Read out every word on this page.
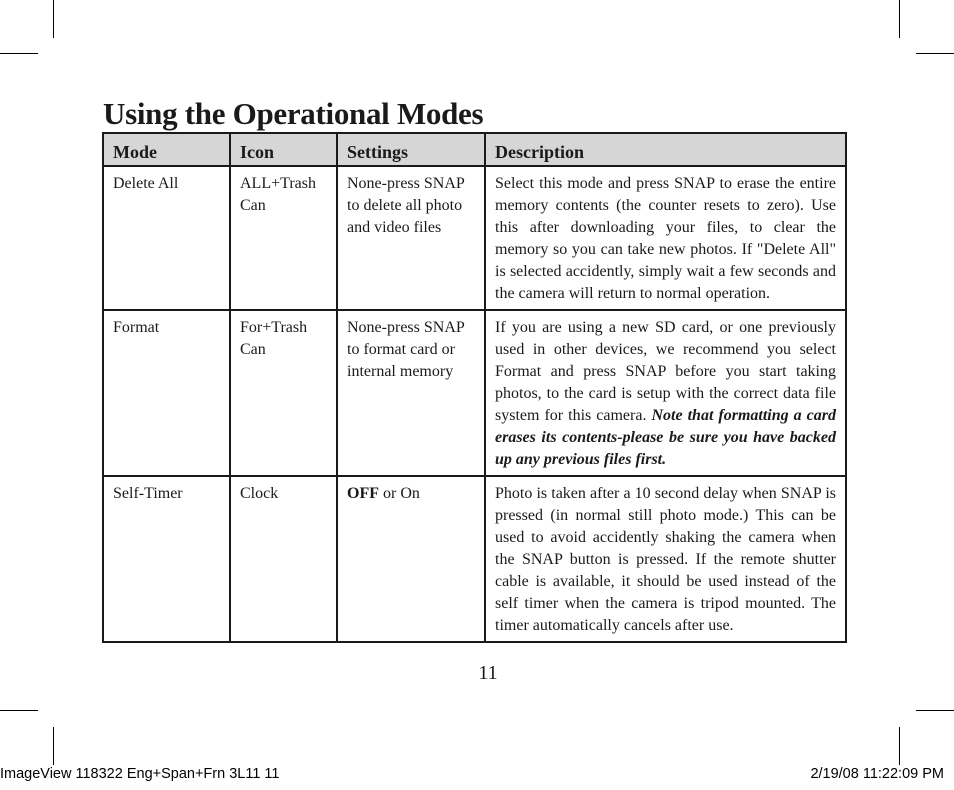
Using the Operational Modes
Mode	Icon	Settings	Description
Delete All	ALL+Trash Can	None-press SNAP to delete all photo and video files	Select this mode and press SNAP to erase the entire memory contents (the counter resets to zero). Use this after downloading your files, to clear the memory so you can take new photos. If "Delete All" is selected accidently, simply wait a few seconds and the camera will return to normal operation.
Format	For+Trash Can	None-press SNAP to format card or internal memory	If you are using a new SD card, or one previously used in other devices, we recommend you select Format and press SNAP before you start taking photos, to the card is setup with the correct data file system for this camera. Note that formatting a card erases its contents-please be sure you have backed up any previous files first.
Self-Timer	Clock	OFF or On	Photo is taken after a 10 second delay when SNAP is pressed (in normal still photo mode.) This can be used to avoid accidently shaking the camera when the SNAP button is pressed. If the remote shutter cable is available, it should be used instead of the self timer when the camera is tripod mounted. The timer automatically cancels after use.
11
ImageView 118322 Eng+Span+Frn 3L11 11	2/19/08 11:22:09 PM
